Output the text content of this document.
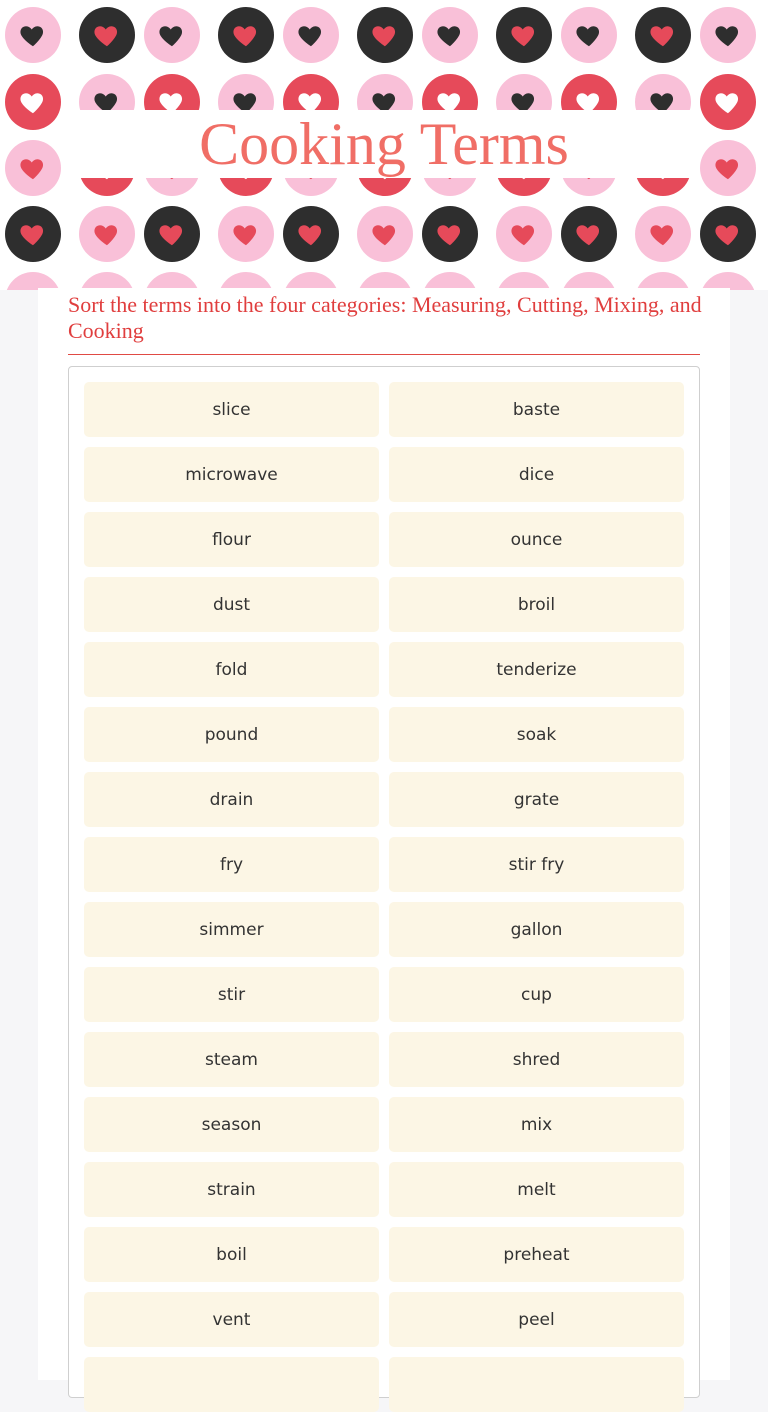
Cooking Terms
Sort the terms into the four categories: Measuring, Cutting, Mixing, and Cooking
slice	baste
microwave	dice
flour	ounce
dust	broil
fold	tenderize
pound	soak
drain	grate
fry	stir fry
simmer	gallon
stir	cup
steam	shred
season	mix
strain	melt
boil	preheat
vent	peel
